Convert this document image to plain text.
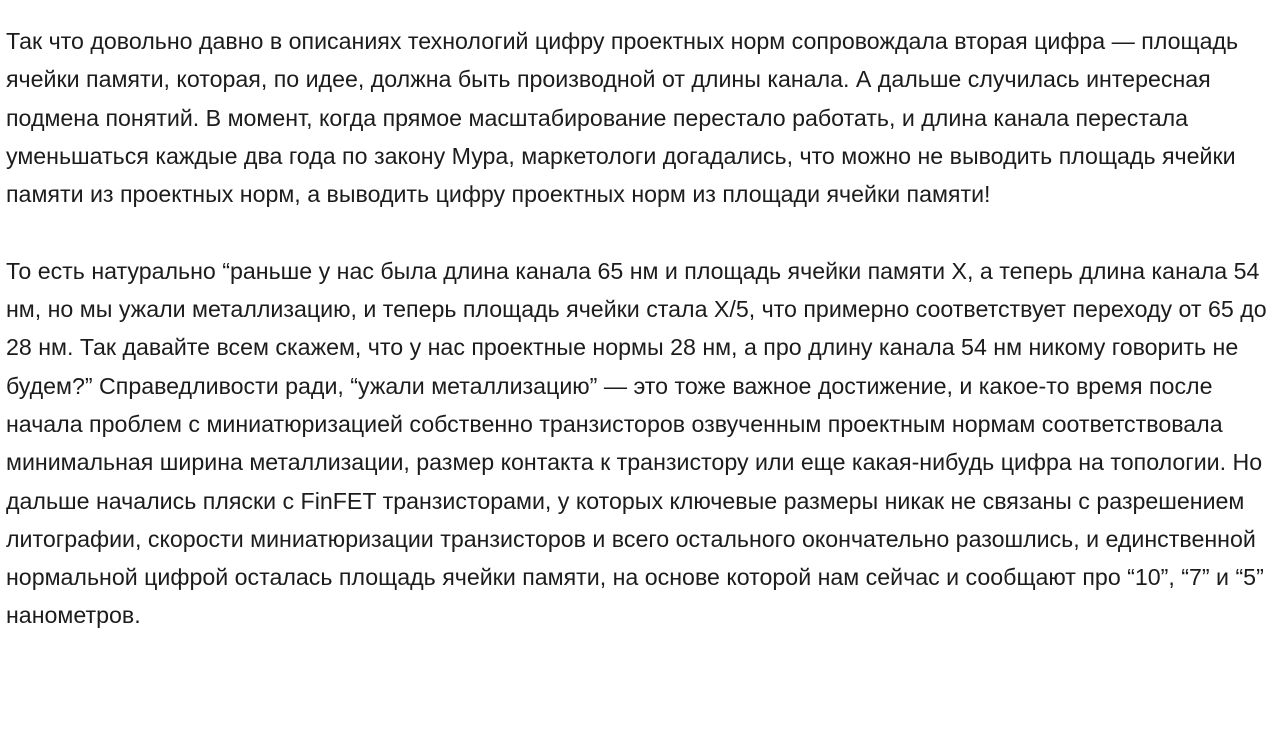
Так что довольно давно в описаниях технологий цифру проектных норм сопровождала вторая цифра — площадь ячейки памяти, которая, по идее, должна быть производной от длины канала. А дальше случилась интересная подмена понятий. В момент, когда прямое масштабирование перестало работать, и длина канала перестала уменьшаться каждые два года по закону Мура, маркетологи догадались, что можно не выводить площадь ячейки памяти из проектных норм, а выводить цифру проектных норм из площади ячейки памяти!

То есть натурально “раньше у нас была длина канала 65 нм и площадь ячейки памяти X, а теперь длина канала 54 нм, но мы ужали металлизацию, и теперь площадь ячейки стала X/5, что примерно соответствует переходу от 65 до 28 нм. Так давайте всем скажем, что у нас проектные нормы 28 нм, а про длину канала 54 нм никому говорить не будем?” Справедливости ради, “ужали металлизацию” — это тоже важное достижение, и какое-то время после начала проблем с миниатюризацией собственно транзисторов озвученным проектным нормам соответствовала минимальная ширина металлизации, размер контакта к транзистору или еще какая-нибудь цифра на топологии. Но дальше начались пляски с FinFET транзисторами, у которых ключевые размеры никак не связаны с разрешением литографии, скорости миниатюризации транзисторов и всего остального окончательно разошлись, и единственной нормальной цифрой осталась площадь ячейки памяти, на основе которой нам сейчас и сообщают про “10”, “7” и “5” нанометров.
